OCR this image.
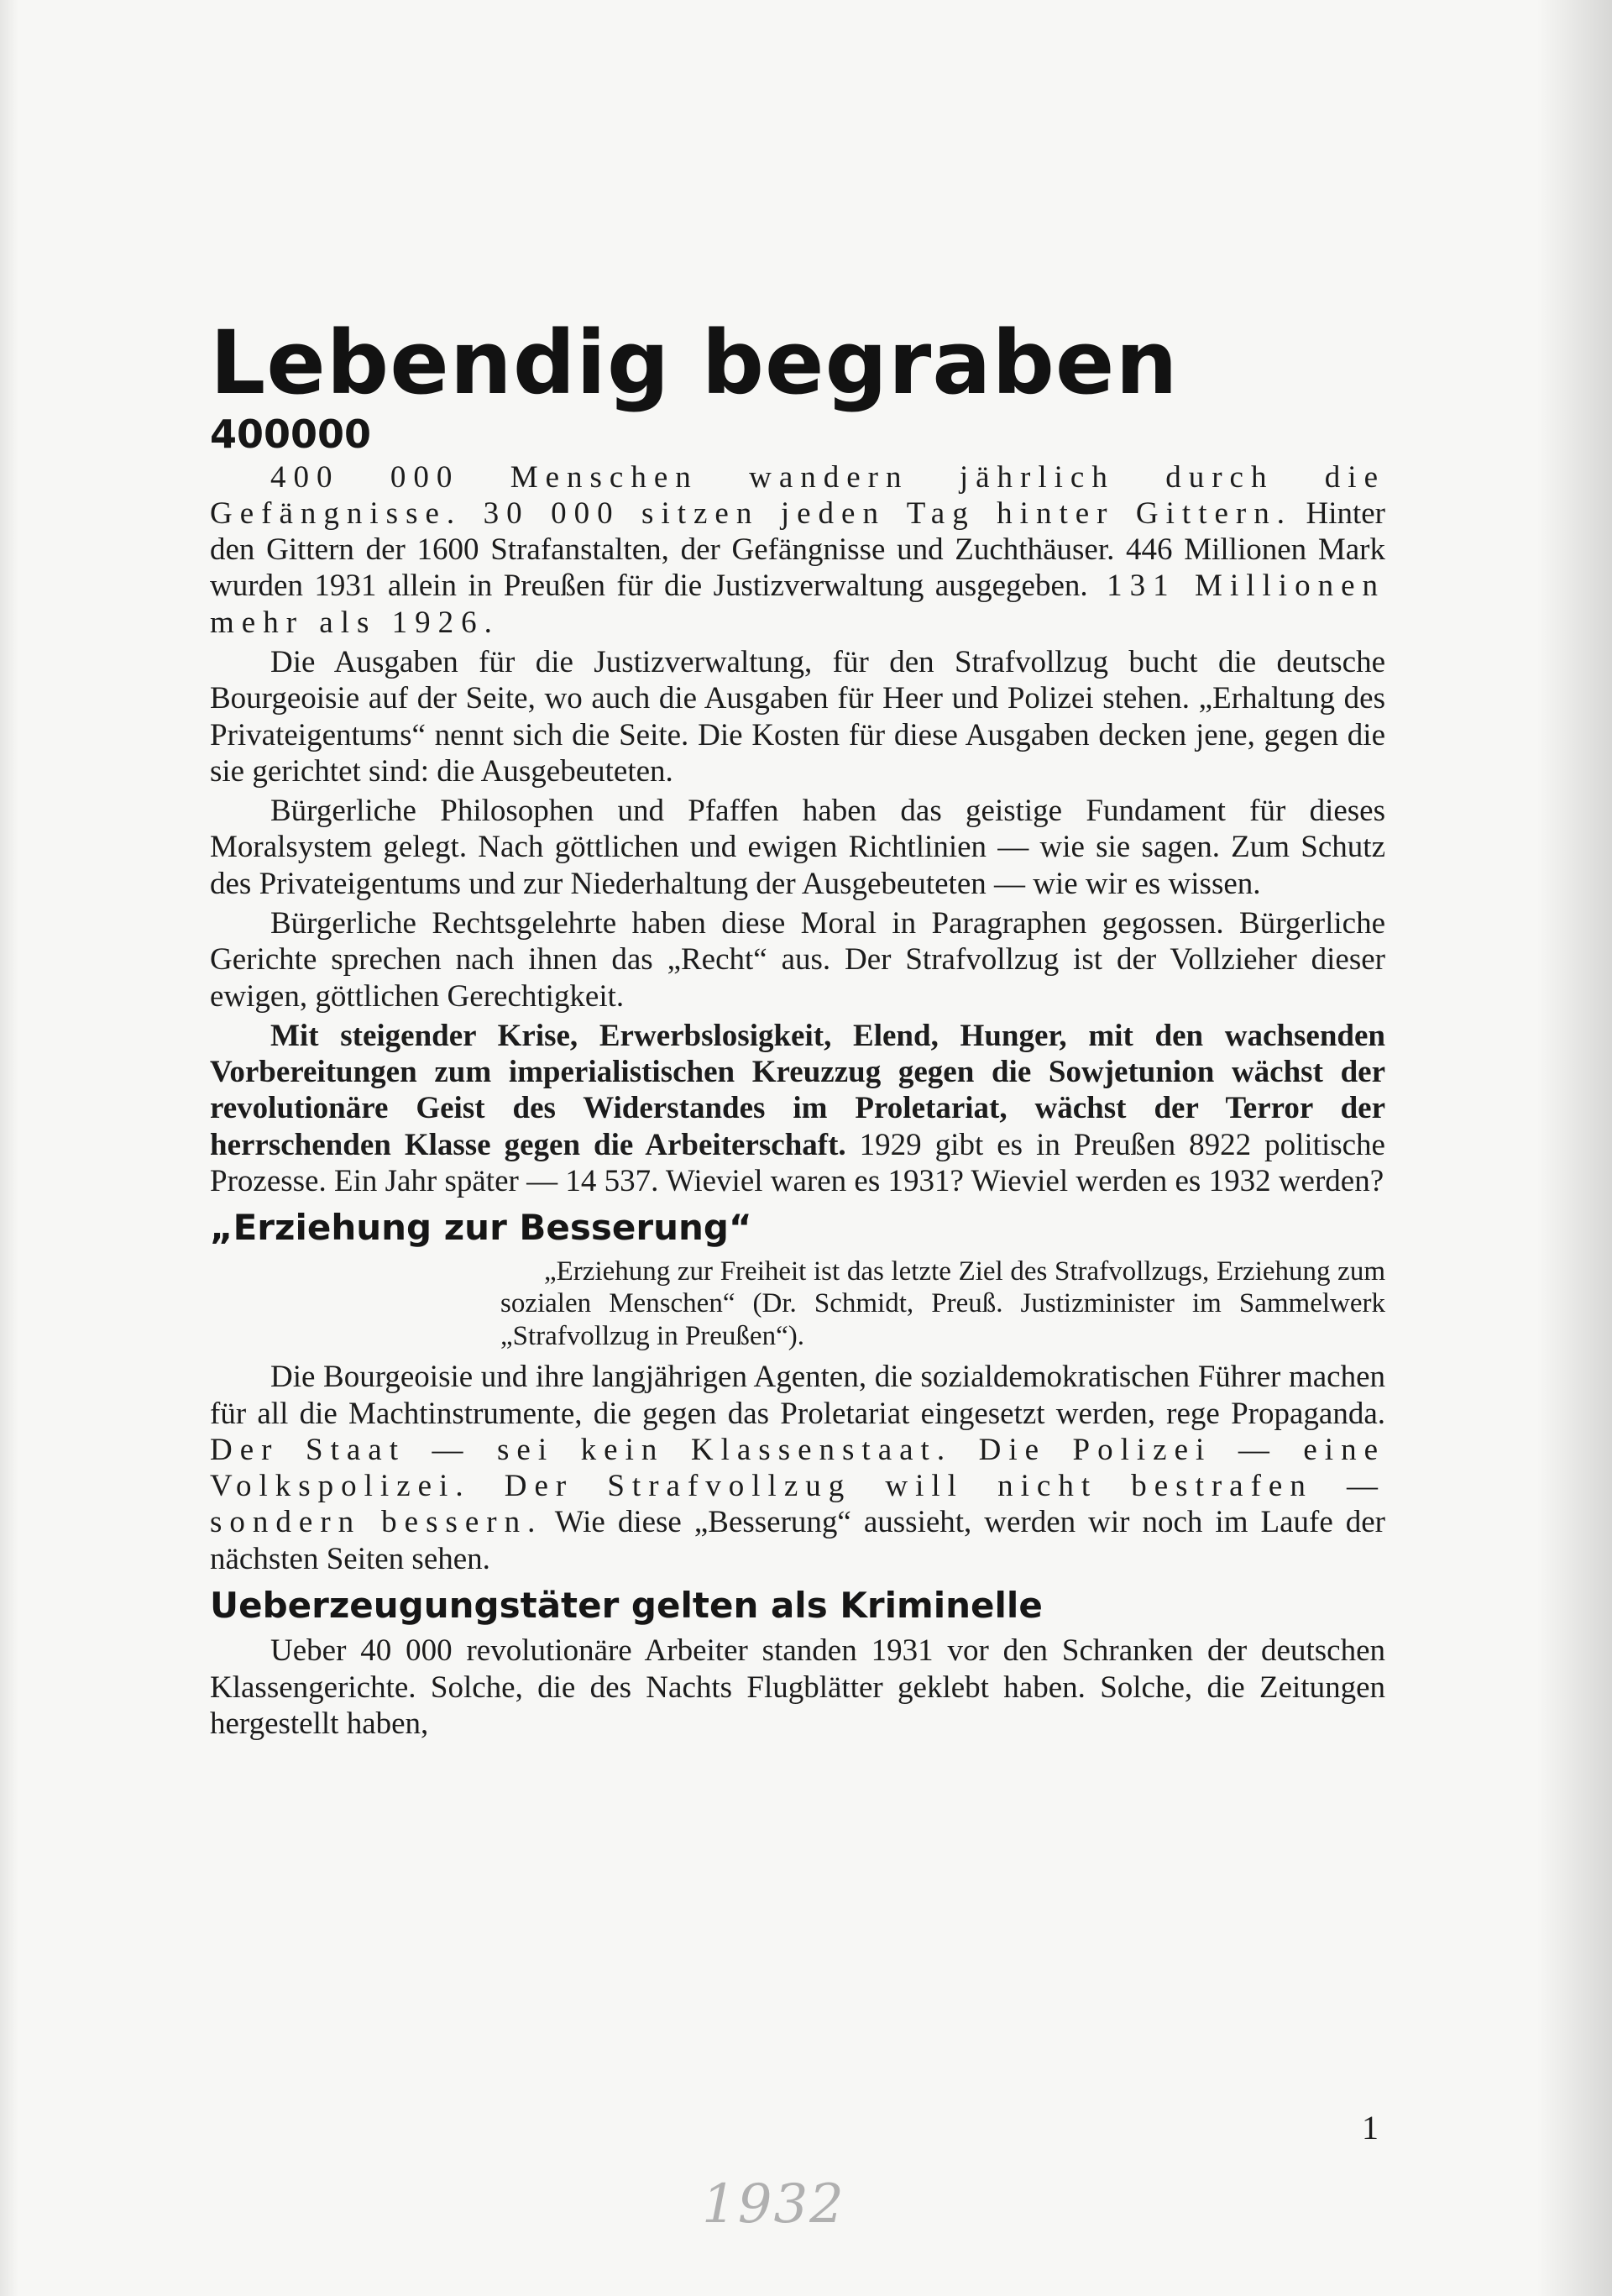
Lebendig begraben
400000

400 000 Menschen wandern jährlich durch die Gefängnisse. 30 000 sitzen jeden Tag hinter Gittern. Hinter den Gittern der 1600 Strafanstalten, der Gefängnisse und Zuchthäuser. 446 Millionen Mark wurden 1931 allein in Preußen für die Justizverwaltung ausgegeben. 131 Millionen mehr als 1926.

Die Ausgaben für die Justizverwaltung, für den Strafvollzug bucht die deutsche Bourgeoisie auf der Seite, wo auch die Ausgaben für Heer und Polizei stehen. „Erhaltung des Privateigentums“ nennt sich die Seite. Die Kosten für diese Ausgaben decken jene, gegen die sie gerichtet sind: die Ausgebeuteten.

Bürgerliche Philosophen und Pfaffen haben das geistige Fundament für dieses Moralsystem gelegt. Nach göttlichen und ewigen Richtlinien — wie sie sagen. Zum Schutz des Privateigentums und zur Niederhaltung der Ausgebeuteten — wie wir es wissen.

Bürgerliche Rechtsgelehrte haben diese Moral in Paragraphen gegossen. Bürgerliche Gerichte sprechen nach ihnen das „Recht“ aus. Der Strafvollzug ist der Vollzieher dieser ewigen, göttlichen Gerechtigkeit.

Mit steigender Krise, Erwerbslosigkeit, Elend, Hunger, mit den wachsenden Vorbereitungen zum imperialistischen Kreuzzug gegen die Sowjetunion wächst der revolutionäre Geist des Widerstandes im Proletariat, wächst der Terror der herrschenden Klasse gegen die Arbeiterschaft. 1929 gibt es in Preußen 8922 politische Prozesse. Ein Jahr später — 14 537. Wieviel waren es 1931? Wieviel werden es 1932 werden?

„Erziehung zur Besserung“
„Erziehung zur Freiheit ist das letzte Ziel des Strafvollzugs, Erziehung zum sozialen Menschen“ (Dr. Schmidt, Preuß. Justizminister im Sammelwerk „Strafvollzug in Preußen“).

Die Bourgeoisie und ihre langjährigen Agenten, die sozialdemokratischen Führer machen für all die Machtinstrumente, die gegen das Proletariat eingesetzt werden, rege Propaganda. Der Staat — sei kein Klassenstaat. Die Polizei — eine Volkspolizei. Der Strafvollzug will nicht bestrafen — sondern bessern. Wie diese „Besserung“ aussieht, werden wir noch im Laufe der nächsten Seiten sehen.

Ueberzeugungstäter gelten als Kriminelle

Ueber 40 000 revolutionäre Arbeiter standen 1931 vor den Schranken der deutschen Klassengerichte. Solche, die des Nachts Flugblätter geklebt haben. Solche, die Zeitungen hergestellt haben,

1
1932
